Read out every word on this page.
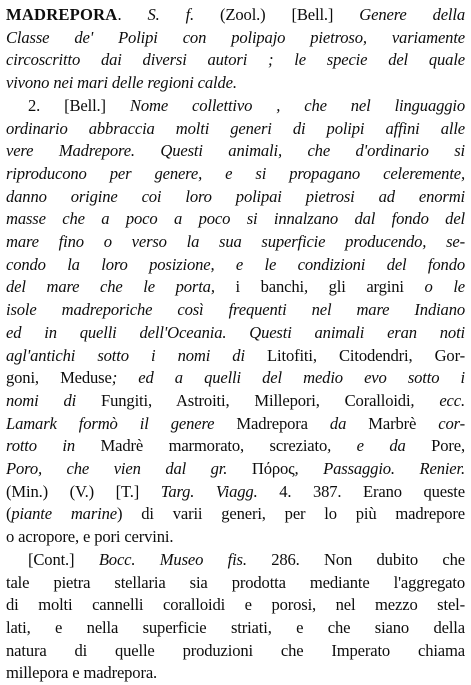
MADREPORA. S. f. (Zool.) [Bell.] Genere della
Classe de' Polipi con polipajo pietroso, variamente
circoscritto dai diversi autori ; le specie del quale
vivono nei mari delle regioni calde.
2. [Bell.] Nome collettivo , che nel linguaggio
ordinario abbraccia molti generi di polipi affini alle
vere Madrepore. Questi animali, che d'ordinario si
riproducono per genere, e si propagano celeremente,
danno origine coi loro polipai pietrosi ad enormi
masse che a poco a poco si innalzano dal fondo del
mare fino o verso la sua superficie producendo, se-
condo la loro posizione, e le condizioni del fondo
del mare che le porta, i banchi, gli argini o le
isole madreporiche così frequenti nel mare Indiano
ed in quelli dell'Oceania. Questi animali eran noti
agl'antichi sotto i nomi di Litofiti, Citodendri, Gor-
goni, Meduse; ed a quelli del medio evo sotto i
nomi di Fungiti, Astroiti, Millepori, Coralloidi, ecc.
Lamark formò il genere Madrepora da Marbrè cor-
rotto in Madrè marmorato, screziato, e da Pore,
Poro, che vien dal gr. Πόρος, Passaggio. Renier.
(Min.) (V.) [T.] Targ. Viagg. 4. 387. Erano queste
(piante marine) di varii generi, per lo più madrepore
o acropore, e pori cervini.
[Cont.] Bocc. Museo fis. 286. Non dubito che
tale pietra stellaria sia prodotta mediante l'aggregato
di molti cannelli coralloidi e porosi, nel mezzo stel-
lati, e nella superficie striati, e che siano della
natura di quelle produzioni che Imperato chiama
millepora e madrepora.
